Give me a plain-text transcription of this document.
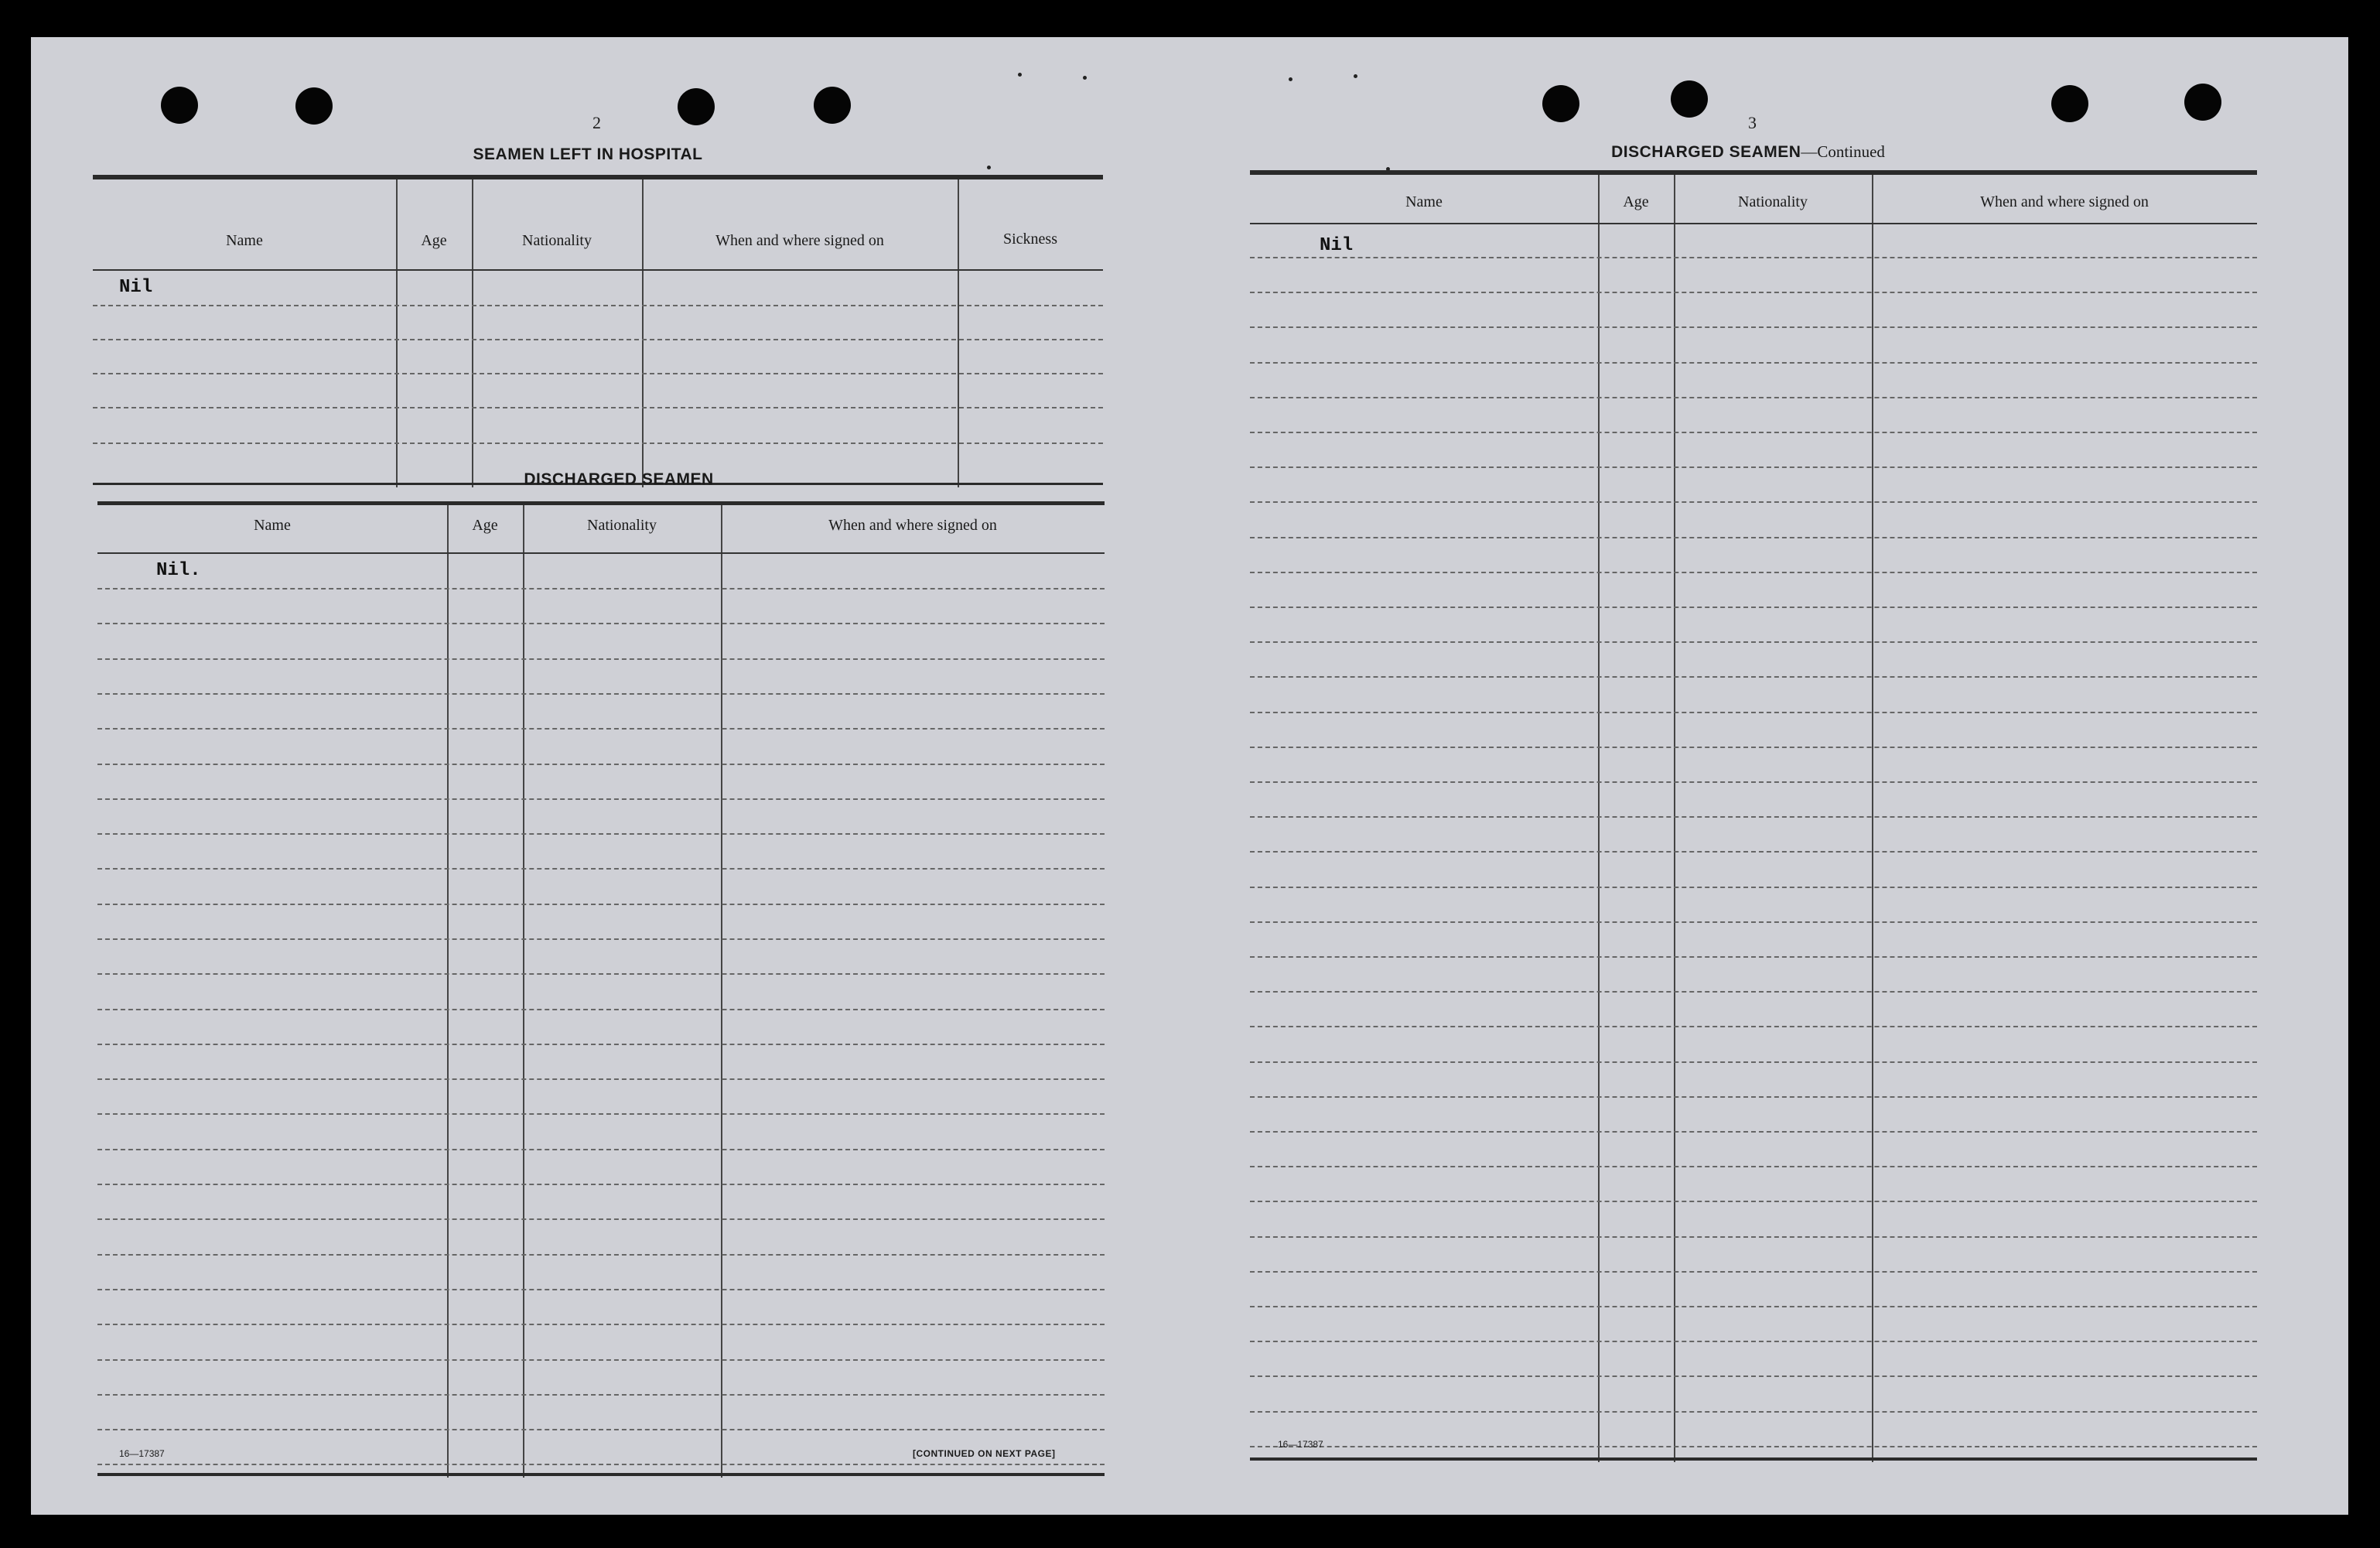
2
SEAMEN LEFT IN HOSPITAL
Name	Age	Nationality	When and where signed on	Sickness
Nil
DISCHARGED SEAMEN
Name	Age	Nationality	When and where signed on
Nil.
16—17387	[CONTINUED ON NEXT PAGE]
3
DISCHARGED SEAMEN—Continued
Name	Age	Nationality	When and where signed on
Nil
16—17387
